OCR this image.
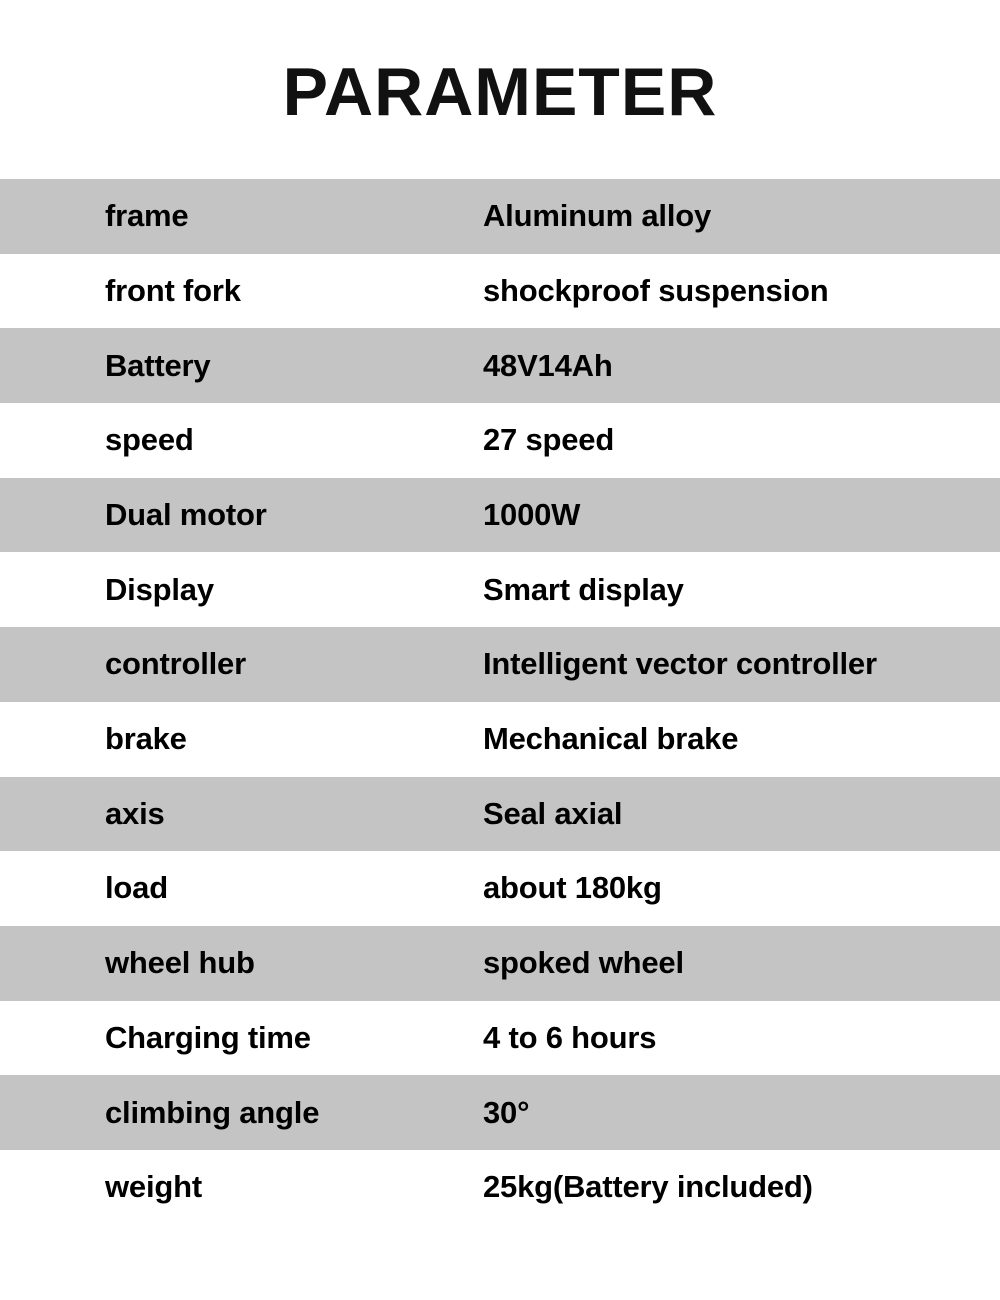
PARAMETER
frame	Aluminum alloy
front fork	shockproof suspension
Battery	48V14Ah
speed	27 speed
Dual motor	1000W
Display	Smart display
controller	Intelligent vector controller
brake	Mechanical brake
axis	Seal axial
load	about 180kg
wheel hub	spoked wheel
Charging time	4 to 6 hours
climbing angle	30°
weight	25kg(Battery included)
